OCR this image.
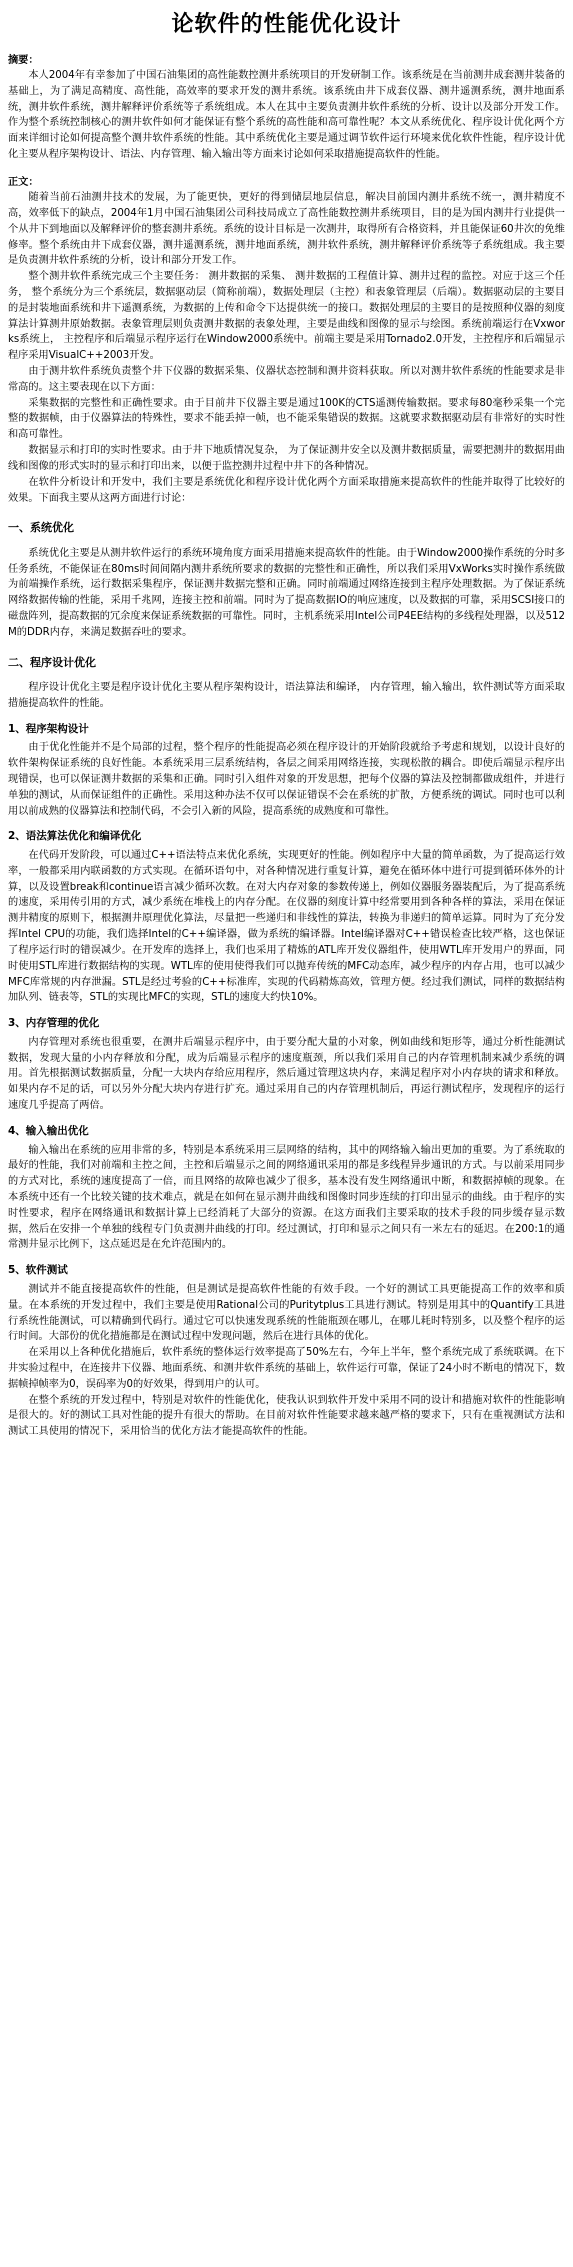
论软件的性能优化设计
摘要：

本人2004年有幸参加了中国石油集团的高性能数控测井系统项目的开发研制工作。该系统是在当前测井成套测井装备的基础上，为了满足高精度、高性能，高效率的要求开发的测井系统。该系统由井下成套仪器、测井遥测系统，测井地面系统，测井软件系统，测井解释评价系统等子系统组成。本人在其中主要负责测井软件系统的分析、设计以及部分开发工作。作为整个系统控制核心的测井软件如何才能保证有整个系统的高性能和高可靠性呢？本文从系统优化、程序设计优化两个方面来详细讨论如何提高整个测井软件系统的性能。其中系统优化主要是通过调节软件运行环境来优化软件性能，程序设计优化主要从程序架构设计、语法、内存管理、输入输出等方面来讨论如何采取措施提高软件的性能。

正文：

随着当前石油测井技术的发展，为了能更快，更好的得到储层地层信息，解决目前国内测井系统不统一，测井精度不高，效率低下的缺点，2004年1月中国石油集团公司科技局成立了高性能数控测井系统项目，目的是为国内测井行业提供一个从井下到地面以及解释评价的整套测井系统。系统的设计目标是一次测井，取得所有合格资料，并且能保证60井次的免维修率。整个系统由井下成套仪器，测井遥测系统，测井地面系统，测井软件系统，测井解释评价系统等子系统组成。我主要是负责测井软件系统的分析，设计和部分开发工作。

整个测井软件系统完成三个主要任务： 测井数据的采集、 测井数据的工程值计算、测井过程的监控。对应于这三个任务， 整个系统分为三个系统层，数据驱动层（简称前端），数据处理层（主控）和表象管理层（后端）。数据驱动层的主要目的是封装地面系统和井下遥测系统，为数据的上传和命令下达提供统一的接口。数据处理层的主要目的是按照种仪器的刻度算法计算测井原始数据。表象管理层则负责测井数据的表象处理，主要是曲线和图像的显示与绘图。系统前端运行在Vxworks系统上， 主控程序和后端显示程序运行在Window2000系统中。前端主要是采用Tornado2.0开发，主控程序和后端显示程序采用VisualC++2003开发。

由于测井软件系统负责整个井下仪器的数据采集、仪器状态控制和测井资料获取。所以对测井软件系统的性能要求是非常高的。这主要表现在以下方面：

采集数据的完整性和正确性要求。由于目前井下仪器主要是通过100K的CTS遥测传输数据。要求每80毫秒采集一个完整的数据帧，由于仪器算法的特殊性，要求不能丢掉一帧，也不能采集错误的数据。这就要求数据驱动层有非常好的实时性和高可靠性。

数据显示和打印的实时性要求。由于井下地质情况复杂， 为了保证测井安全以及测井数据质量，需要把测井的数据用曲线和图像的形式实时的显示和打印出来，以便于监控测井过程中井下的各种情况。

在软件分析设计和开发中，我们主要是系统优化和程序设计优化两个方面采取措施来提高软件的性能并取得了比较好的效果。下面我主要从这两方面进行讨论：

一、系统优化

系统优化主要是从测井软件运行的系统环境角度方面采用措施来提高软件的性能。由于Window2000操作系统的分时多任务系统，不能保证在80ms时间间隔内测井系统所要求的数据的完整性和正确性，所以我们采用VxWorks实时操作系统做为前端操作系统，运行数据采集程序，保证测井数据完整和正确。同时前端通过网络连接到主程序处理数据。为了保证系统网络数据传输的性能，采用千兆网，连接主控和前端。同时为了提高数据IO的响应速度，以及数据的可靠，采用SCSI接口的磁盘阵列，提高数据的冗余度来保证系统数据的可靠性。同时，主机系统采用Intel公司P4EE结构的多线程处理器，以及512M的DDR内存，来满足数据吞吐的要求。

二、程序设计优化

程序设计优化主要是程序设计优化主要从程序架构设计，语法算法和编译， 内存管理，输入输出，软件测试等方面采取措施提高软件的性能。

1、程序架构设计

由于优化性能并不是个局部的过程，整个程序的性能提高必须在程序设计的开始阶段就给予考虑和规划，以设计良好的软件架构保证系统的良好性能。本系统采用三层系统结构，各层之间采用网络连接，实现松散的耦合。即使后端显示程序出现错误，也可以保证测井数据的采集和正确。同时引入组件对象的开发思想，把每个仪器的算法及控制都做成组件，并进行单独的测试，从而保证组件的正确性。采用这种办法不仅可以保证错误不会在系统的扩散，方便系统的调试。同时也可以利用以前成熟的仪器算法和控制代码，不会引入新的风险，提高系统的成熟度和可靠性。

2、语法算法优化和编译优化

在代码开发阶段，可以通过C++语法特点来优化系统，实现更好的性能。例如程序中大量的简单函数，为了提高运行效率，一般都采用内联函数的方式实现。在循环语句中，对各种情况进行重复计算，避免在循环体中进行可提到循环体外的计算，以及设置break和continue语言减少循环次数。在对大内存对象的参数传递上，例如仪器服务器装配后，为了提高系统的速度，采用传引用的方式，减少系统在堆栈上的内存分配。在仪器的刻度计算中经常要用到各种各样的算法，采用在保证测井精度的原则下，根据测井原理优化算法，尽量把一些递归和非线性的算法，转换为非递归的简单运算。同时为了充分发挥Intel CPU的功能，我们选择Intel的C++编译器，做为系统的编译器。Intel编译器对C++错误检查比较严格，这也保证了程序运行时的错误减少。在开发库的选择上，我们也采用了精炼的ATL库开发仪器组件，使用WTL库开发用户的界面，同时使用STL库进行数据结构的实现。WTL库的使用使得我们可以抛弃传统的MFC动态库，减少程序的内存占用，也可以减少MFC库常规的内存泄漏。STL是经过考验的C++标准库，实现的代码精炼高效，管理方便。经过我们测试，同样的数据结构加队列、链表等，STL的实现比MFC的实现，STL的速度大约快10%。

3、内存管理的优化

内存管理对系统也很重要，在测井后端显示程序中，由于要分配大量的小对象，例如曲线和矩形等，通过分析性能测试数据，发现大量的小内存释放和分配，成为后端显示程序的速度瓶颈，所以我们采用自己的内存管理机制来减少系统的调用。首先根据测试数据质量，分配一大块内存给应用程序，然后通过管理这块内存，来满足程序对小内存块的请求和释放。如果内存不足的话，可以另外分配大块内存进行扩充。通过采用自己的内存管理机制后，再运行测试程序，发现程序的运行速度几乎提高了两倍。

4、输入输出优化

输入输出在系统的应用非常的多，特别是本系统采用三层网络的结构，其中的网络输入输出更加的重要。为了系统取的最好的性能，我们对前端和主控之间，主控和后端显示之间的网络通讯采用的都是多线程异步通讯的方式。与以前采用同步的方式对比，系统的速度提高了一倍，而且网络的故障也减少了很多，基本没有发生网络通讯中断，和数据掉帧的现象。在本系统中还有一个比较关键的技术难点，就是在如何在显示测井曲线和图像时同步连续的打印出显示的曲线。由于程序的实时性要求，程序在网络通讯和数据计算上已经消耗了大部分的资源。在这方面我们主要采取的技术手段的同步缓存显示数据，然后在安排一个单独的线程专门负责测井曲线的打印。经过测试，打印和显示之间只有一米左右的延迟。在200:1的通常测井显示比例下，这点延迟是在允许范围内的。

5、软件测试

测试并不能直接提高软件的性能，但是测试是提高软件性能的有效手段。一个好的测试工具更能提高工作的效率和质量。在本系统的开发过程中，我们主要是使用Rational公司的Puritytplus工具进行测试。特别是用其中的Quantify工具进行系统性能测试，可以精确到代码行。通过它可以快速发现系统的性能瓶颈在哪儿，在哪儿耗时特别多，以及整个程序的运行时间。大部份的优化措施都是在测试过程中发现问题，然后在进行具体的优化。

在采用以上各种优化措施后，软件系统的整体运行效率提高了50%左右，今年上半年，整个系统完成了系统联调。在下井实验过程中，在连接井下仪器、地面系统、和测井软件系统的基础上，软件运行可靠，保证了24小时不断电的情况下，数据帧掉帧率为0，误码率为0的好效果，得到用户的认可。

在整个系统的开发过程中，特别是对软件的性能优化，使我认识到软件开发中采用不同的设计和措施对软件的性能影响是很大的。好的测试工具对性能的提升有很大的帮助。在目前对软件性能要求越来越严格的要求下，只有在重视测试方法和测试工具使用的情况下，采用恰当的优化方法才能提高软件的性能。
